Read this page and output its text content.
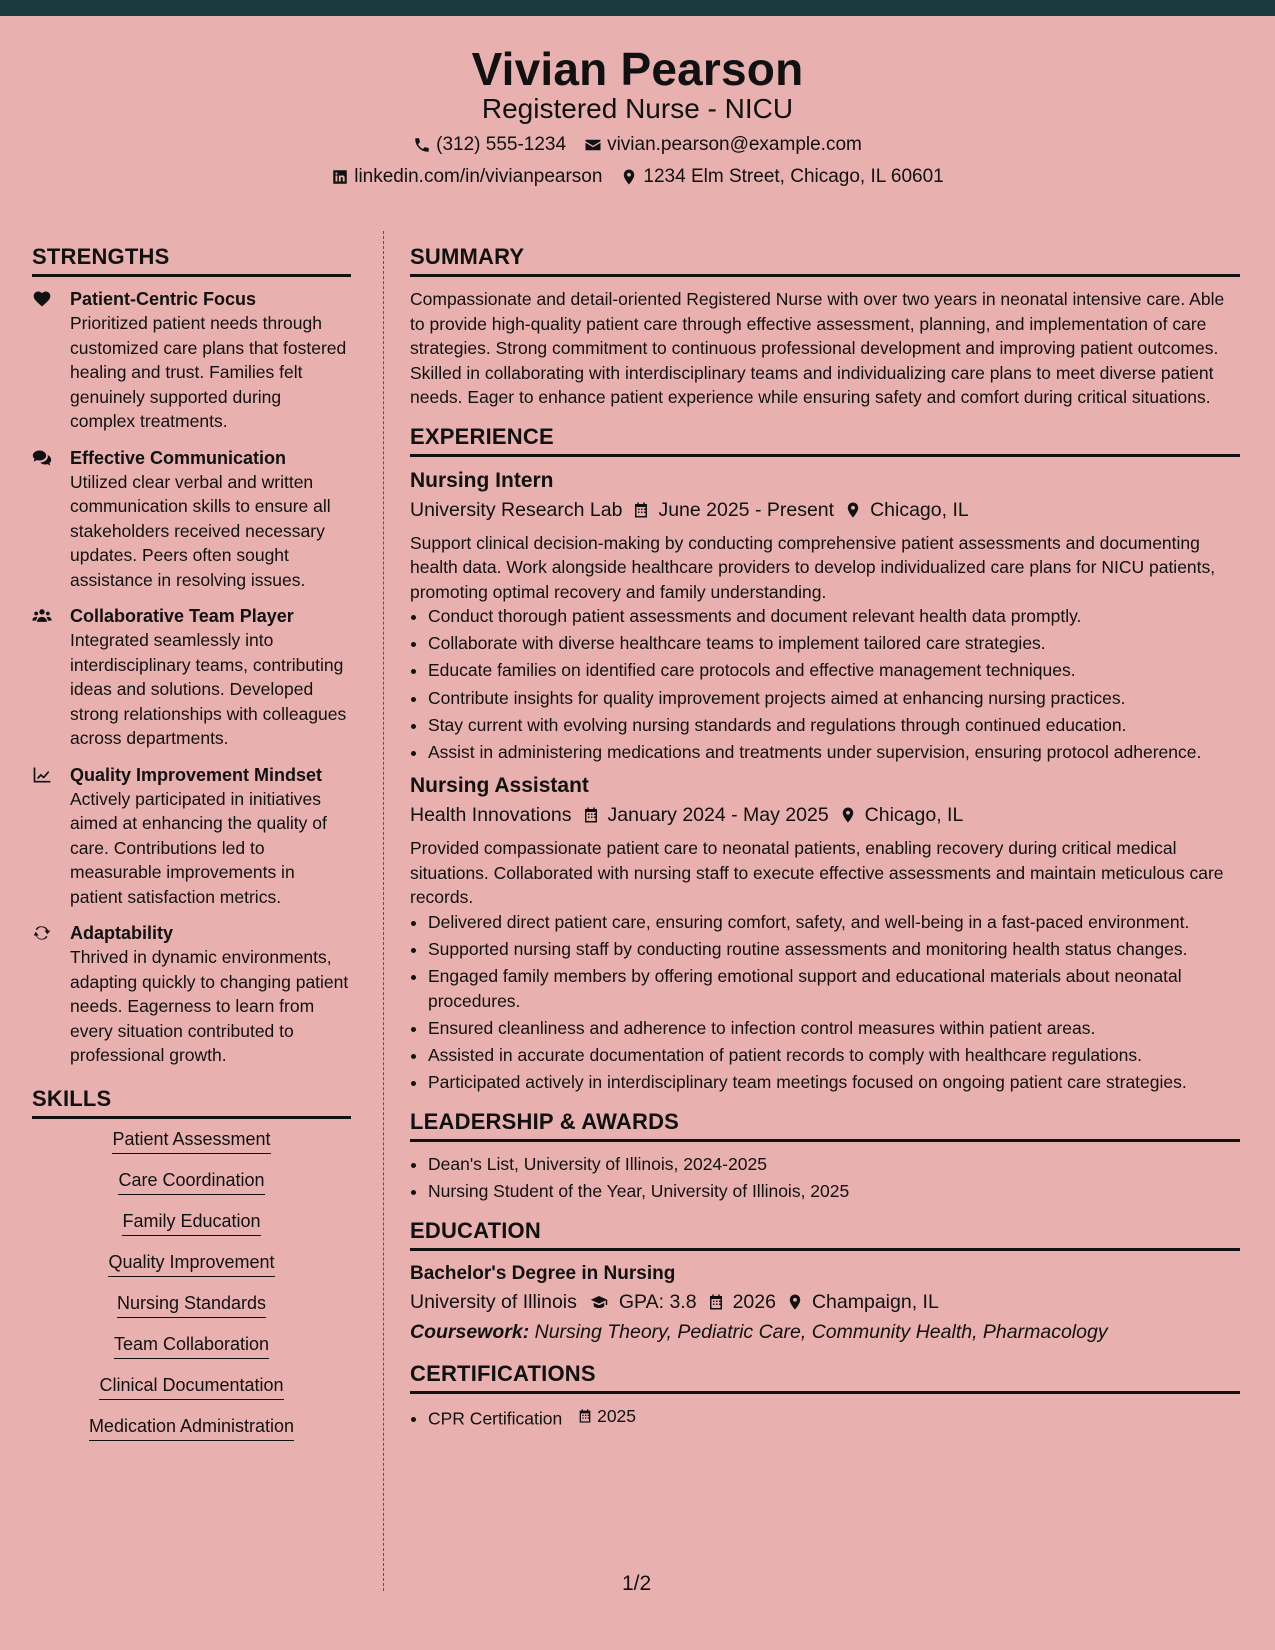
Vivian Pearson
Registered Nurse - NICU
(312) 555-1234 vivian.pearson@example.com
linkedin.com/in/vivianpearson 1234 Elm Street, Chicago, IL 60601
STRENGTHS
Patient-Centric Focus
Prioritized patient needs through customized care plans that fostered healing and trust. Families felt genuinely supported during complex treatments.
Effective Communication
Utilized clear verbal and written communication skills to ensure all stakeholders received necessary updates. Peers often sought assistance in resolving issues.
Collaborative Team Player
Integrated seamlessly into interdisciplinary teams, contributing ideas and solutions. Developed strong relationships with colleagues across departments.
Quality Improvement Mindset
Actively participated in initiatives aimed at enhancing the quality of care. Contributions led to measurable improvements in patient satisfaction metrics.
Adaptability
Thrived in dynamic environments, adapting quickly to changing patient needs. Eagerness to learn from every situation contributed to professional growth.
SKILLS
Patient Assessment
Care Coordination
Family Education
Quality Improvement
Nursing Standards
Team Collaboration
Clinical Documentation
Medication Administration
SUMMARY
Compassionate and detail-oriented Registered Nurse with over two years in neonatal intensive care. Able to provide high-quality patient care through effective assessment, planning, and implementation of care strategies. Strong commitment to continuous professional development and improving patient outcomes. Skilled in collaborating with interdisciplinary teams and individualizing care plans to meet diverse patient needs. Eager to enhance patient experience while ensuring safety and comfort during critical situations.
EXPERIENCE
Nursing Intern
University Research Lab June 2025 - Present Chicago, IL
Support clinical decision-making by conducting comprehensive patient assessments and documenting health data. Work alongside healthcare providers to develop individualized care plans for NICU patients, promoting optimal recovery and family understanding.
• Conduct thorough patient assessments and document relevant health data promptly.
• Collaborate with diverse healthcare teams to implement tailored care strategies.
• Educate families on identified care protocols and effective management techniques.
• Contribute insights for quality improvement projects aimed at enhancing nursing practices.
• Stay current with evolving nursing standards and regulations through continued education.
• Assist in administering medications and treatments under supervision, ensuring protocol adherence.
Nursing Assistant
Health Innovations January 2024 - May 2025 Chicago, IL
Provided compassionate patient care to neonatal patients, enabling recovery during critical medical situations. Collaborated with nursing staff to execute effective assessments and maintain meticulous care records.
• Delivered direct patient care, ensuring comfort, safety, and well-being in a fast-paced environment.
• Supported nursing staff by conducting routine assessments and monitoring health status changes.
• Engaged family members by offering emotional support and educational materials about neonatal procedures.
• Ensured cleanliness and adherence to infection control measures within patient areas.
• Assisted in accurate documentation of patient records to comply with healthcare regulations.
• Participated actively in interdisciplinary team meetings focused on ongoing patient care strategies.
LEADERSHIP & AWARDS
• Dean's List, University of Illinois, 2024-2025
• Nursing Student of the Year, University of Illinois, 2025
EDUCATION
Bachelor's Degree in Nursing
University of Illinois GPA: 3.8 2026 Champaign, IL
Coursework: Nursing Theory, Pediatric Care, Community Health, Pharmacology
CERTIFICATIONS
• CPR Certification 2025
1/2
